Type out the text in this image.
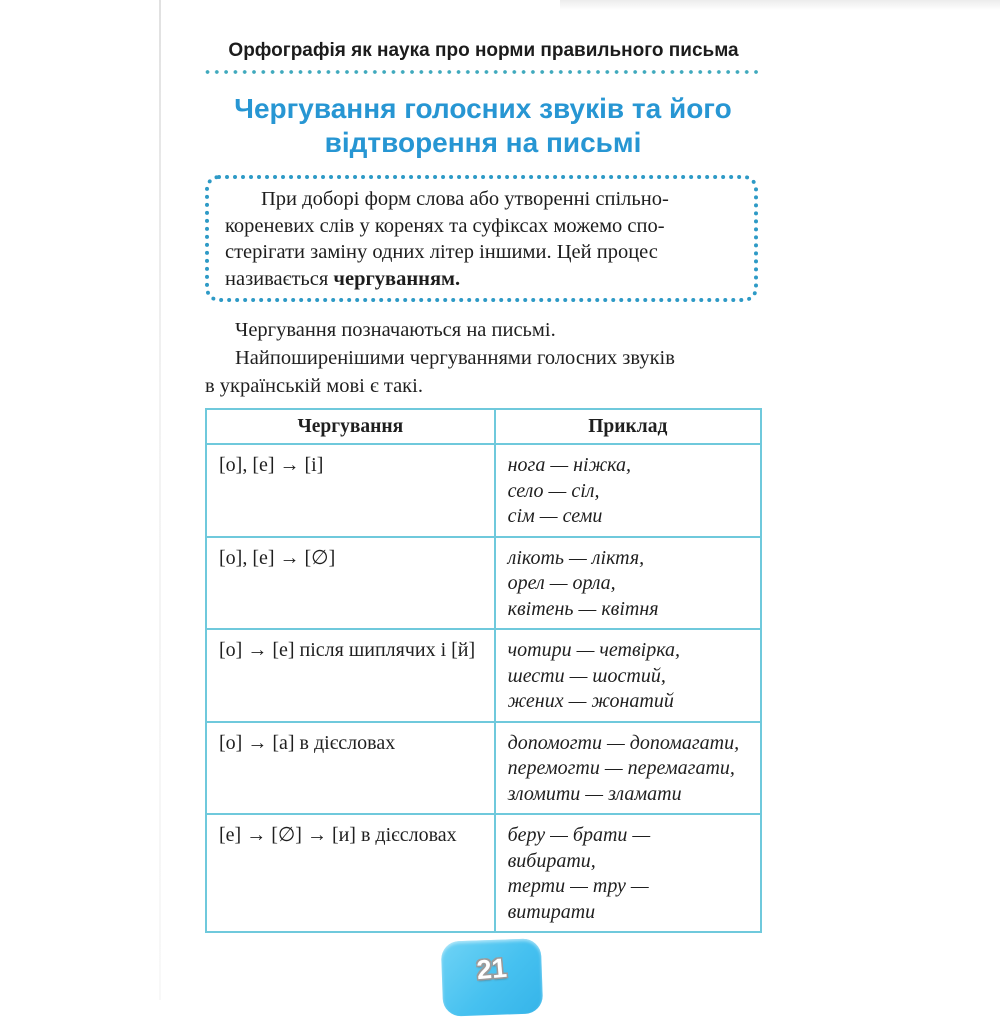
Орфографія як наука про норми правильного письма
Чергування голосних звуків та його
відтворення на письмі
При доборі форм слова або утворенні спільно-
кореневих слів у коренях та суфіксах можемо спо-
стерігати заміну одних літер іншими. Цей процес
називається чергуванням.
Чергування позначаються на письмі.
Найпоширенішими чергуваннями голосних звуків
в українській мові є такі.
Чергування	Приклад
[о], [е] → [і]	нога — ніжка,
село — сіл,
сім — семи

[о], [е] → [∅]	лікоть — ліктя,
орел — орла,
квітень — квітня

[о] → [е] після шиплячих і [й]	чотири — четвірка,
шести — шостий,
жених — жонатий

[о] → [а] в дієсловах	допомогти — допомагати,
перемогти — перемагати,
зломити — зламати

[е] → [∅] → [и] в дієсловах	беру — брати —
вибирати,
терти — тру —
витирати
21
